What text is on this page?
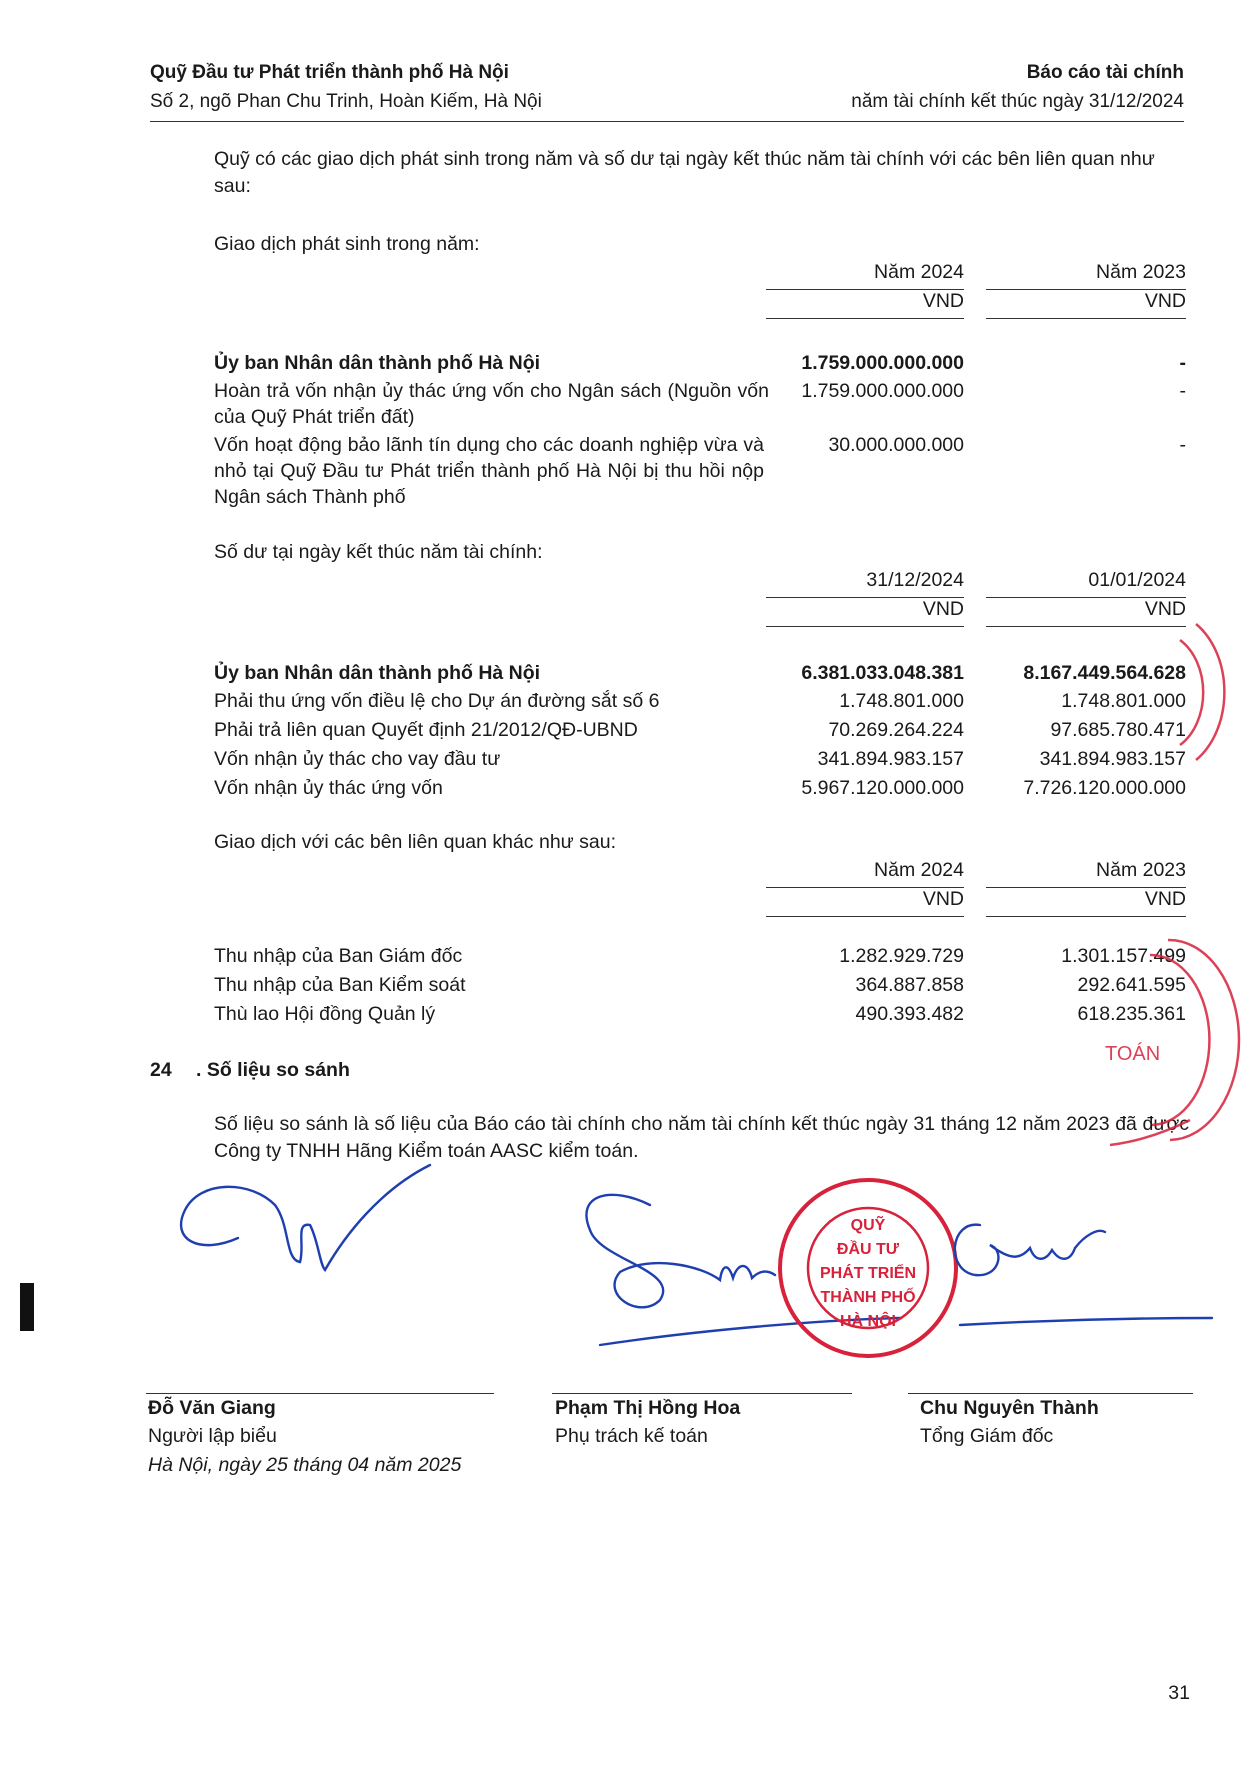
Quỹ Đầu tư Phát triển thành phố Hà Nội
Số 2, ngõ Phan Chu Trinh, Hoàn Kiếm, Hà Nội
Báo cáo tài chính
năm tài chính kết thúc ngày 31/12/2024
Quỹ có các giao dịch phát sinh trong năm và số dư tại ngày kết thúc năm tài chính với các bên liên quan như sau:
Giao dịch phát sinh trong năm:
Năm 2024	Năm 2023
VND	VND
Ủy ban Nhân dân thành phố Hà Nội	1.759.000.000.000	-
Hoàn trả vốn nhận ủy thác ứng vốn cho Ngân sách (Nguồn vốn của Quỹ Phát triển đất)
1.759.000.000.000	-
Vốn hoạt động bảo lãnh tín dụng cho các doanh nghiệp vừa và nhỏ tại Quỹ Đầu tư Phát triển thành phố Hà Nội bị thu hồi nộp Ngân sách Thành phố
30.000.000.000	-
Số dư tại ngày kết thúc năm tài chính:
31/12/2024	01/01/2024
VND	VND
Ủy ban Nhân dân thành phố Hà Nội	6.381.033.048.381	8.167.449.564.628
Phải thu ứng vốn điều lệ cho Dự án đường sắt số 6	1.748.801.000	1.748.801.000
Phải trả liên quan Quyết định 21/2012/QĐ-UBND	70.269.264.224	97.685.780.471
Vốn nhận ủy thác cho vay đầu tư	341.894.983.157	341.894.983.157
Vốn nhận ủy thác ứng vốn	5.967.120.000.000	7.726.120.000.000
Giao dịch với các bên liên quan khác như sau:
Năm 2024	Năm 2023
VND	VND
Thu nhập của Ban Giám đốc	1.282.929.729	1.301.157.499
Thu nhập của Ban Kiểm soát	364.887.858	292.641.595
Thù lao Hội đồng Quản lý	490.393.482	618.235.361
24 . Số liệu so sánh
Số liệu so sánh là số liệu của Báo cáo tài chính cho năm tài chính kết thúc ngày 31 tháng 12 năm 2023 đã được Công ty TNHH Hãng Kiểm toán AASC kiểm toán.
TOÁN
QUỸ
ĐẦU TƯ
PHÁT TRIỂN
THÀNH PHỐ
HÀ NỘI
Đỗ Văn Giang
Người lập biểu
Phạm Thị Hồng Hoa
Phụ trách kế toán
Chu Nguyên Thành
Tổng Giám đốc
Hà Nội, ngày 25 tháng 04 năm 2025
31
